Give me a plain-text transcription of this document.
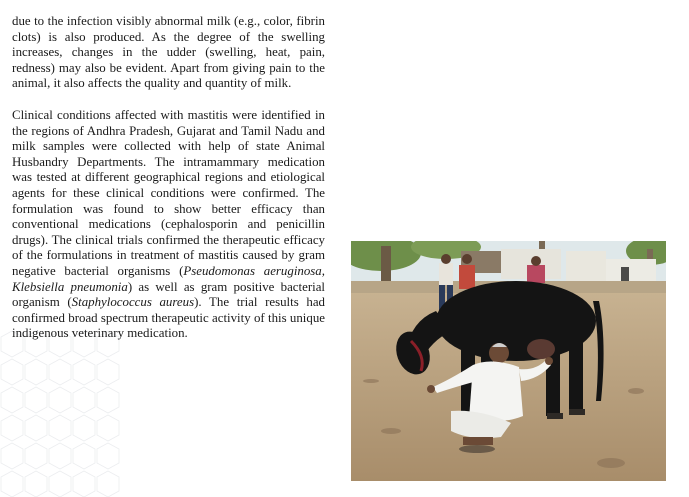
due to the infection visibly abnormal milk (e.g., color, fibrin clots) is also produced. As the degree of the swelling increases, changes in the udder (swelling, heat, pain, redness) may also be evident. Apart from giving pain to the animal, it also affects the quality and quantity of milk.

Clinical conditions affected with mastitis were identified in the regions of Andhra Pradesh, Gujarat and Tamil Nadu and milk samples were collected with help of state Animal Husbandry Departments. The intramammary medication was tested at different geographical regions and etiological agents for these clinical conditions were confirmed. The formulation was found to show better efficacy than conventional medications (cephalosporin and penicillin drugs). The clinical trials confirmed the therapeutic efficacy of the formulations in treatment of mastitis caused by gram negative bacterial organisms (Pseudomonas aeruginosa, Klebsiella pneumonia) as well as gram positive bacterial organism (Staphylococcus aureus). The trial results had confirmed broad spectrum therapeutic activity of this unique indigenous veterinary medication.
